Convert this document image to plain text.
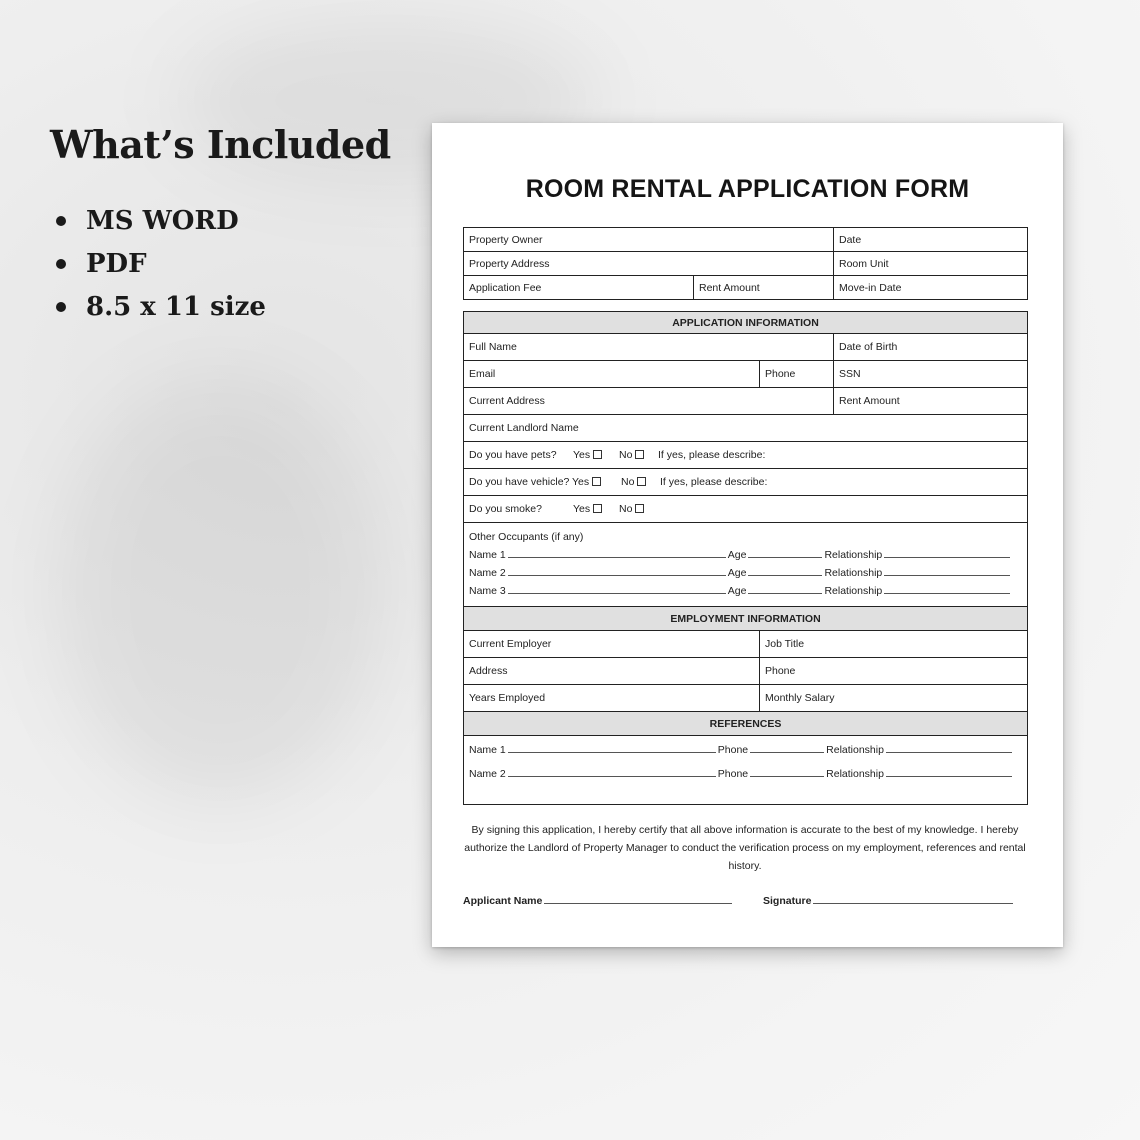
What’s Included
MS WORD
PDF
8.5 x 11 size
ROOM RENTAL APPLICATION FORM
Property Owner		Date
Property Address		Room Unit
Application Fee	Rent Amount	Move-in Date
APPLICATION INFORMATION		
Full Name		Date of Birth
Email	Phone	SSN
Current Address		Rent Amount
Current Landlord Name		
Do you have pets? Yes No If yes, please describe:		
Do you have vehicle? Yes No If yes, please describe:		
Do you smoke? Yes No		

Other Occupants (if any)
Name 1 Age Relationship
Name 2 Age Relationship
Name 3 Age Relationship		

EMPLOYMENT INFORMATION		
Current Employer	Job Title	
Address	Phone	
Years Employed	Monthly Salary	
REFERENCES		

Name 1 Phone Relationship
Name 2 Phone Relationship		
By signing this application, I hereby certify that all above information is accurate to the best of my knowledge. I hereby authorize the Landlord of Property Manager to conduct the verification process on my employment, references and rental history.
Applicant Name	Signature
